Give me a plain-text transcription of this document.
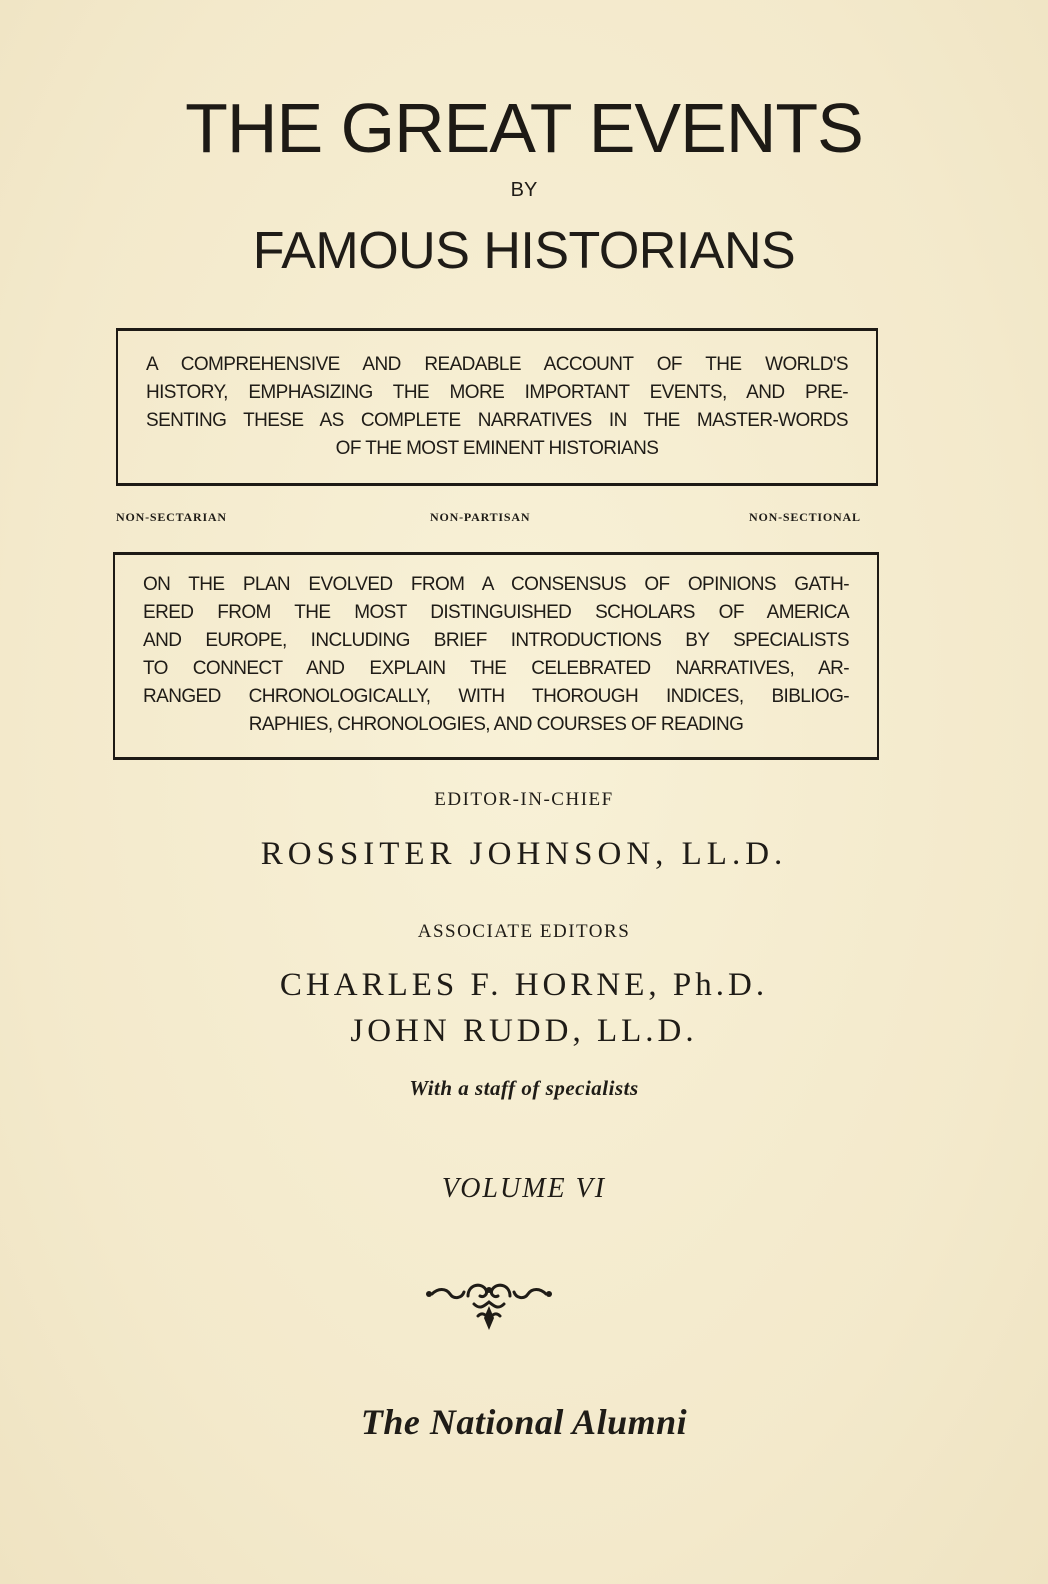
THE GREAT EVENTS
BY
FAMOUS HISTORIANS
A COMPREHENSIVE AND READABLE ACCOUNT OF THE WORLD'S
HISTORY, EMPHASIZING THE MORE IMPORTANT EVENTS, AND PRE-
SENTING THESE AS COMPLETE NARRATIVES IN THE MASTER-WORDS
OF THE MOST EMINENT HISTORIANS
NON-SECTARIAN	NON-PARTISAN	NON-SECTIONAL
ON THE PLAN EVOLVED FROM A CONSENSUS OF OPINIONS GATH-
ERED FROM THE MOST DISTINGUISHED SCHOLARS OF AMERICA
AND EUROPE, INCLUDING BRIEF INTRODUCTIONS BY SPECIALISTS
TO CONNECT AND EXPLAIN THE CELEBRATED NARRATIVES, AR-
RANGED CHRONOLOGICALLY, WITH THOROUGH INDICES, BIBLIOG-
RAPHIES, CHRONOLOGIES, AND COURSES OF READING
EDITOR-IN-CHIEF
ROSSITER JOHNSON, LL.D.
ASSOCIATE EDITORS
CHARLES F. HORNE, Ph.D.
JOHN RUDD, LL.D.
With a staff of specialists
VOLUME VI
The National Alumni
